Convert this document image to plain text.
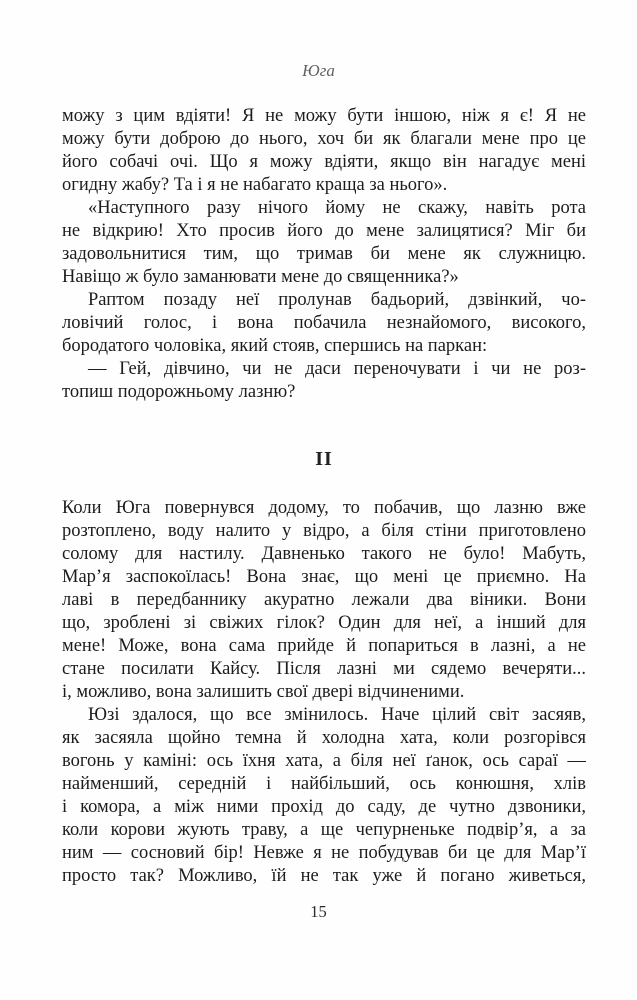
Юга

можу з цим вдіяти! Я не можу бути іншою, ніж я є! Я не
можу бути доброю до нього, хоч би як благали мене про це
його собачі очі. Що я можу вдіяти, якщо він нагадує мені
огидну жабу? Та і я не набагато краща за нього».

«Наступного разу нічого йому не скажу, навіть рота
не відкрию! Хто просив його до мене залицятися? Міг би
задовольнитися тим, що тримав би мене як служницю.
Навіщо ж було заманювати мене до священника?»

Раптом позаду неї пролунав бадьорий, дзвінкий, чо-
ловічий голос, і вона побачила незнайомого, високого,
бородатого чоловіка, який стояв, спершись на паркан:

— Гей, дівчино, чи не даси переночувати і чи не роз-
топиш подорожньому лазню?

II

Коли Юга повернувся додому, то побачив, що лазню вже
розтоплено, воду налито у відро, а біля стіни приготовлено
солому для настилу. Давненько такого не було! Мабуть,
Мар’я заспокоїлась! Вона знає, що мені це приємно. На
лаві в передбаннику акуратно лежали два віники. Вони
що, зроблені зі свіжих гілок? Один для неї, а інший для
мене! Може, вона сама прийде й попариться в лазні, а не
стане посилати Кайсу. Після лазні ми сядемо вечеряти...
і, можливо, вона залишить свої двері відчиненими.

Юзі здалося, що все змінилось. Наче цілий світ засяяв,
як засяяла щойно темна й холодна хата, коли розгорівся
вогонь у каміні: ось їхня хата, а біля неї ґанок, ось сараї —
найменший, середній і найбільший, ось конюшня, хлів
і комора, а між ними прохід до саду, де чутно дзвоники,
коли корови жують траву, а ще чепурненьке подвір’я, а за
ним — сосновий бір! Невже я не побудував би це для Мар’ї
просто так? Можливо, їй не так уже й погано живеться,

15
